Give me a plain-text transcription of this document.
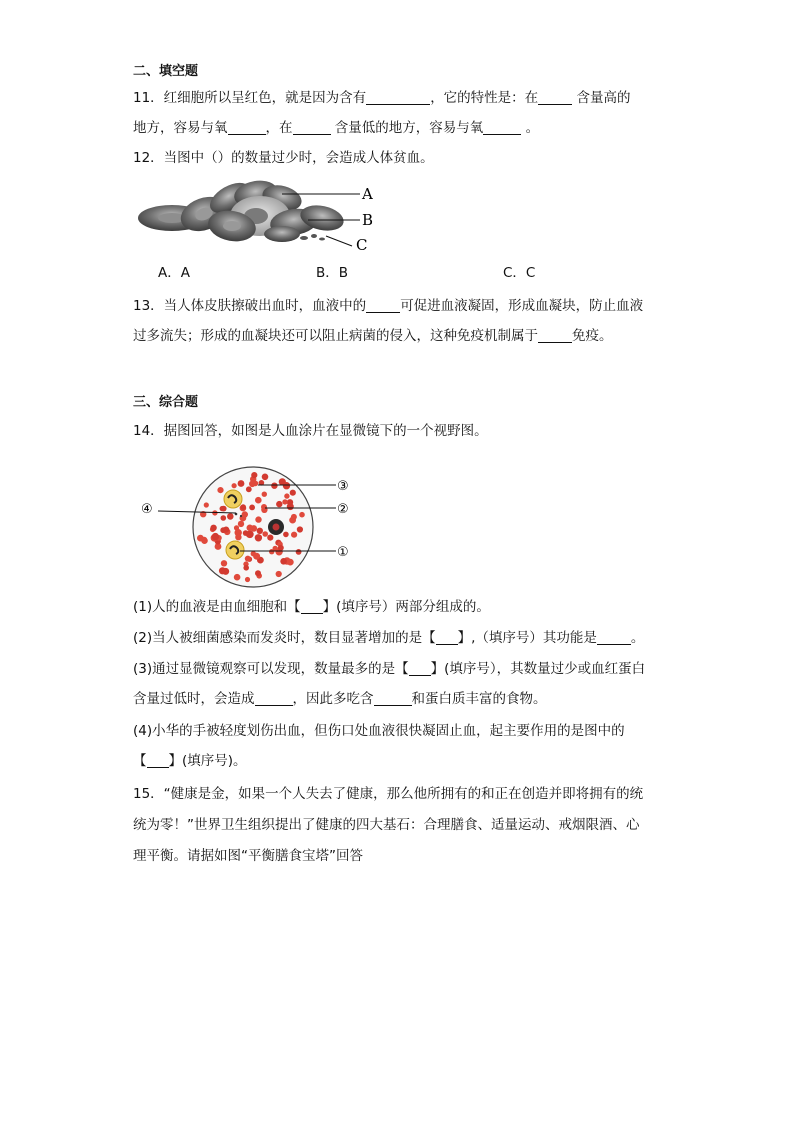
二、填空题
11．红细胞所以呈红色，就是因为含有	，它的特性是：在	含量高的
地方，容易与氧	，在	含量低的地方，容易与氧	。
12．当图中（）的数量过少时，会造成人体贫血。
A
B
C
A．A	B．B	C．C
13．当人体皮肤擦破出血时，血液中的	可促进血液凝固，形成血凝块，防止血液
过多流失；形成的血凝块还可以阻止病菌的侵入，这种免疫机制属于	免疫。
三、综合题
14．据图回答，如图是人血涂片在显微镜下的一个视野图。
③
②
①
④
(1)人的血液是由血细胞和【 】(填序号）两部分组成的。
(2)当人被细菌感染而发炎时，数目显著增加的是【 】,（填序号）其功能是	。
(3)通过显微镜观察可以发现，数量最多的是【 】(填序号），其数量过少或血红蛋白
含量过低时，会造成	，因此多吃含	和蛋白质丰富的食物。
(4)小华的手被轻度划伤出血，但伤口处血液很快凝固止血，起主要作用的是图中的
【 】(填序号)。
15．“健康是金，如果一个人失去了健康，那么他所拥有的和正在创造并即将拥有的统
统为零！”世界卫生组织提出了健康的四大基石：合理膳食、适量运动、戒烟限酒、心
理平衡。请据如图“平衡膳食宝塔”回答
